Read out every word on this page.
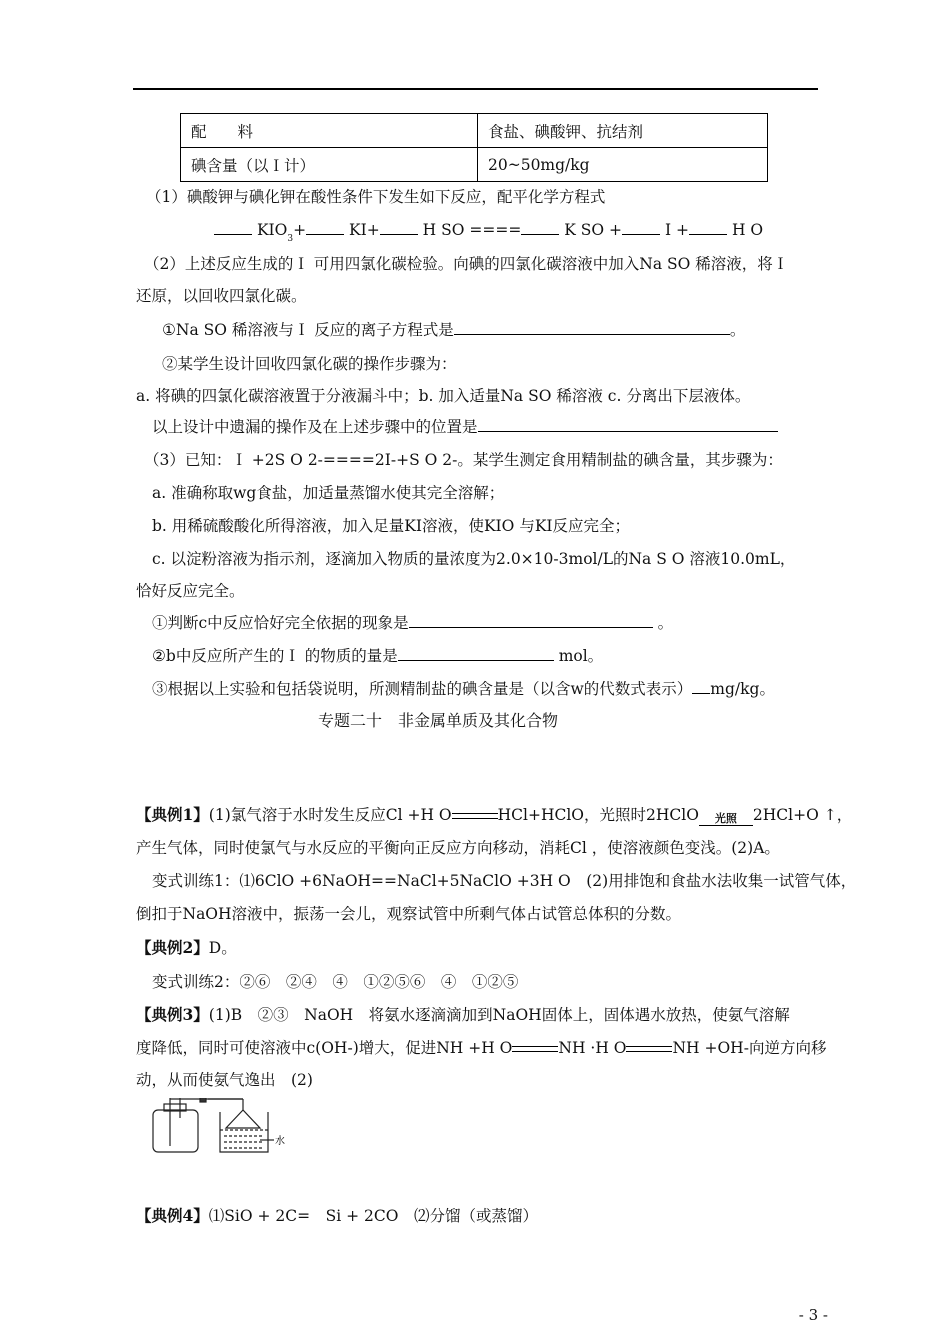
配　　料	食盐、碘酸钾、抗结剂
碘含量（以Ｉ计）	20~50mg/kg
（1）碘酸钾与碘化钾在酸性条件下发生如下反应，配平化学方程式
$KIO_3+$	KI+	H SO ====	K SO +	I +	H O
（2）上述反应生成的Ｉ 可用四氯化碳检验。向碘的四氯化碳溶液中加入Na SO 稀溶液，将Ｉ
还原，以回收四氯化碳。
①Na SO 稀溶液与Ｉ 反应的离子方程式是	。
②某学生设计回收四氯化碳的操作步骤为：
a. 将碘的四氯化碳溶液置于分液漏斗中；b. 加入适量Na SO 稀溶液 c. 分离出下层液体。
以上设计中遗漏的操作及在上述步骤中的位置是
（3）已知：Ｉ +2S O 2-====2I-+S O 2-。某学生测定食用精制盐的碘含量，其步骤为：
a. 准确称取wg食盐，加适量蒸馏水使其完全溶解；
b. 用稀硫酸酸化所得溶液，加入足量KI溶液，使KIO 与KI反应完全；
c. 以淀粉溶液为指示剂，逐滴加入物质的量浓度为2.0×10-3mol/L的Na S O 溶液10.0mL，
恰好反应完全。
①判断c中反应恰好完全依据的现象是	。
②b中反应所产生的Ｉ 的物质的量是	mol。
③根据以上实验和包括袋说明，所测精制盐的碘含量是（以含w的代数式表示） mg/kg。
专题二十　非金属单质及其化合物
【典例1】(1)氯气溶于水时发生反应Cl +H O	HCl+HClO，光照时2HClO	光照	2HCl+O ↑，
产生气体，同时使氯气与水反应的平衡向正反应方向移动，消耗Cl ，使溶液颜色变浅。(2)A。
变式训练1：⑴6ClO +6NaOH==NaCl+5NaClO +3H O　(2)用排饱和食盐水法收集一试管气体，
倒扣于NaOH溶液中，振荡一会儿，观察试管中所剩气体占试管总体积的分数。
【典例2】D。
变式训练2：②⑥　②④　④　①②⑤⑥　④　①②⑤
【典例3】(1)B　②③　NaOH　将氨水逐滴滴加到NaOH固体上，固体遇水放热，使氨气溶解
度降低，同时可使溶液中c(OH-)增大，促进NH +H O	NH ·H O	NH +OH-向逆方向移
动，从而使氨气逸出　(2)
水
【典例4】⑴SiO + 2C=　Si + 2CO　⑵分馏（或蒸馏）
- 3 -
